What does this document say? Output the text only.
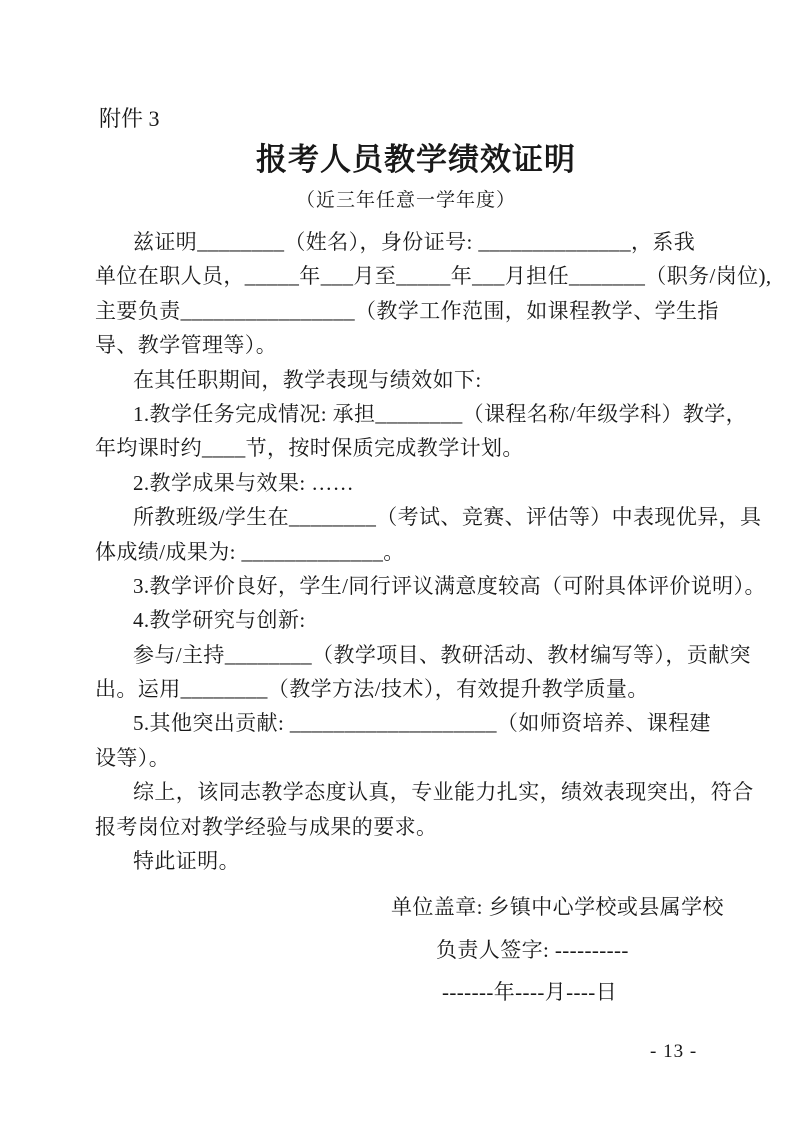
附件 3
报考人员教学绩效证明
（近三年任意一学年度）
兹证明________（姓名），身份证号: ______________，系我
单位在职人员，_____年___月至_____年___月担任_______（职务/岗位),
主要负责________________（教学工作范围，如课程教学、学生指
导、教学管理等）。
在其任职期间，教学表现与绩效如下:
1.教学任务完成情况: 承担________（课程名称/年级学科）教学，
年均课时约____节，按时保质完成教学计划。
2.教学成果与效果: ……
所教班级/学生在________（考试、竞赛、评估等）中表现优异，具
体成绩/成果为: _____________。
3.教学评价良好，学生/同行评议满意度较高（可附具体评价说明）。
4.教学研究与创新:
参与/主持________（教学项目、教研活动、教材编写等），贡献突
出。运用________（教学方法/技术），有效提升教学质量。
5.其他突出贡献: ___________________（如师资培养、课程建
设等）。
综上，该同志教学态度认真，专业能力扎实，绩效表现突出，符合
报考岗位对教学经验与成果的要求。
特此证明。
单位盖章: 乡镇中心学校或县属学校
负责人签字: ----------
-------年----月----日
- 13 -
